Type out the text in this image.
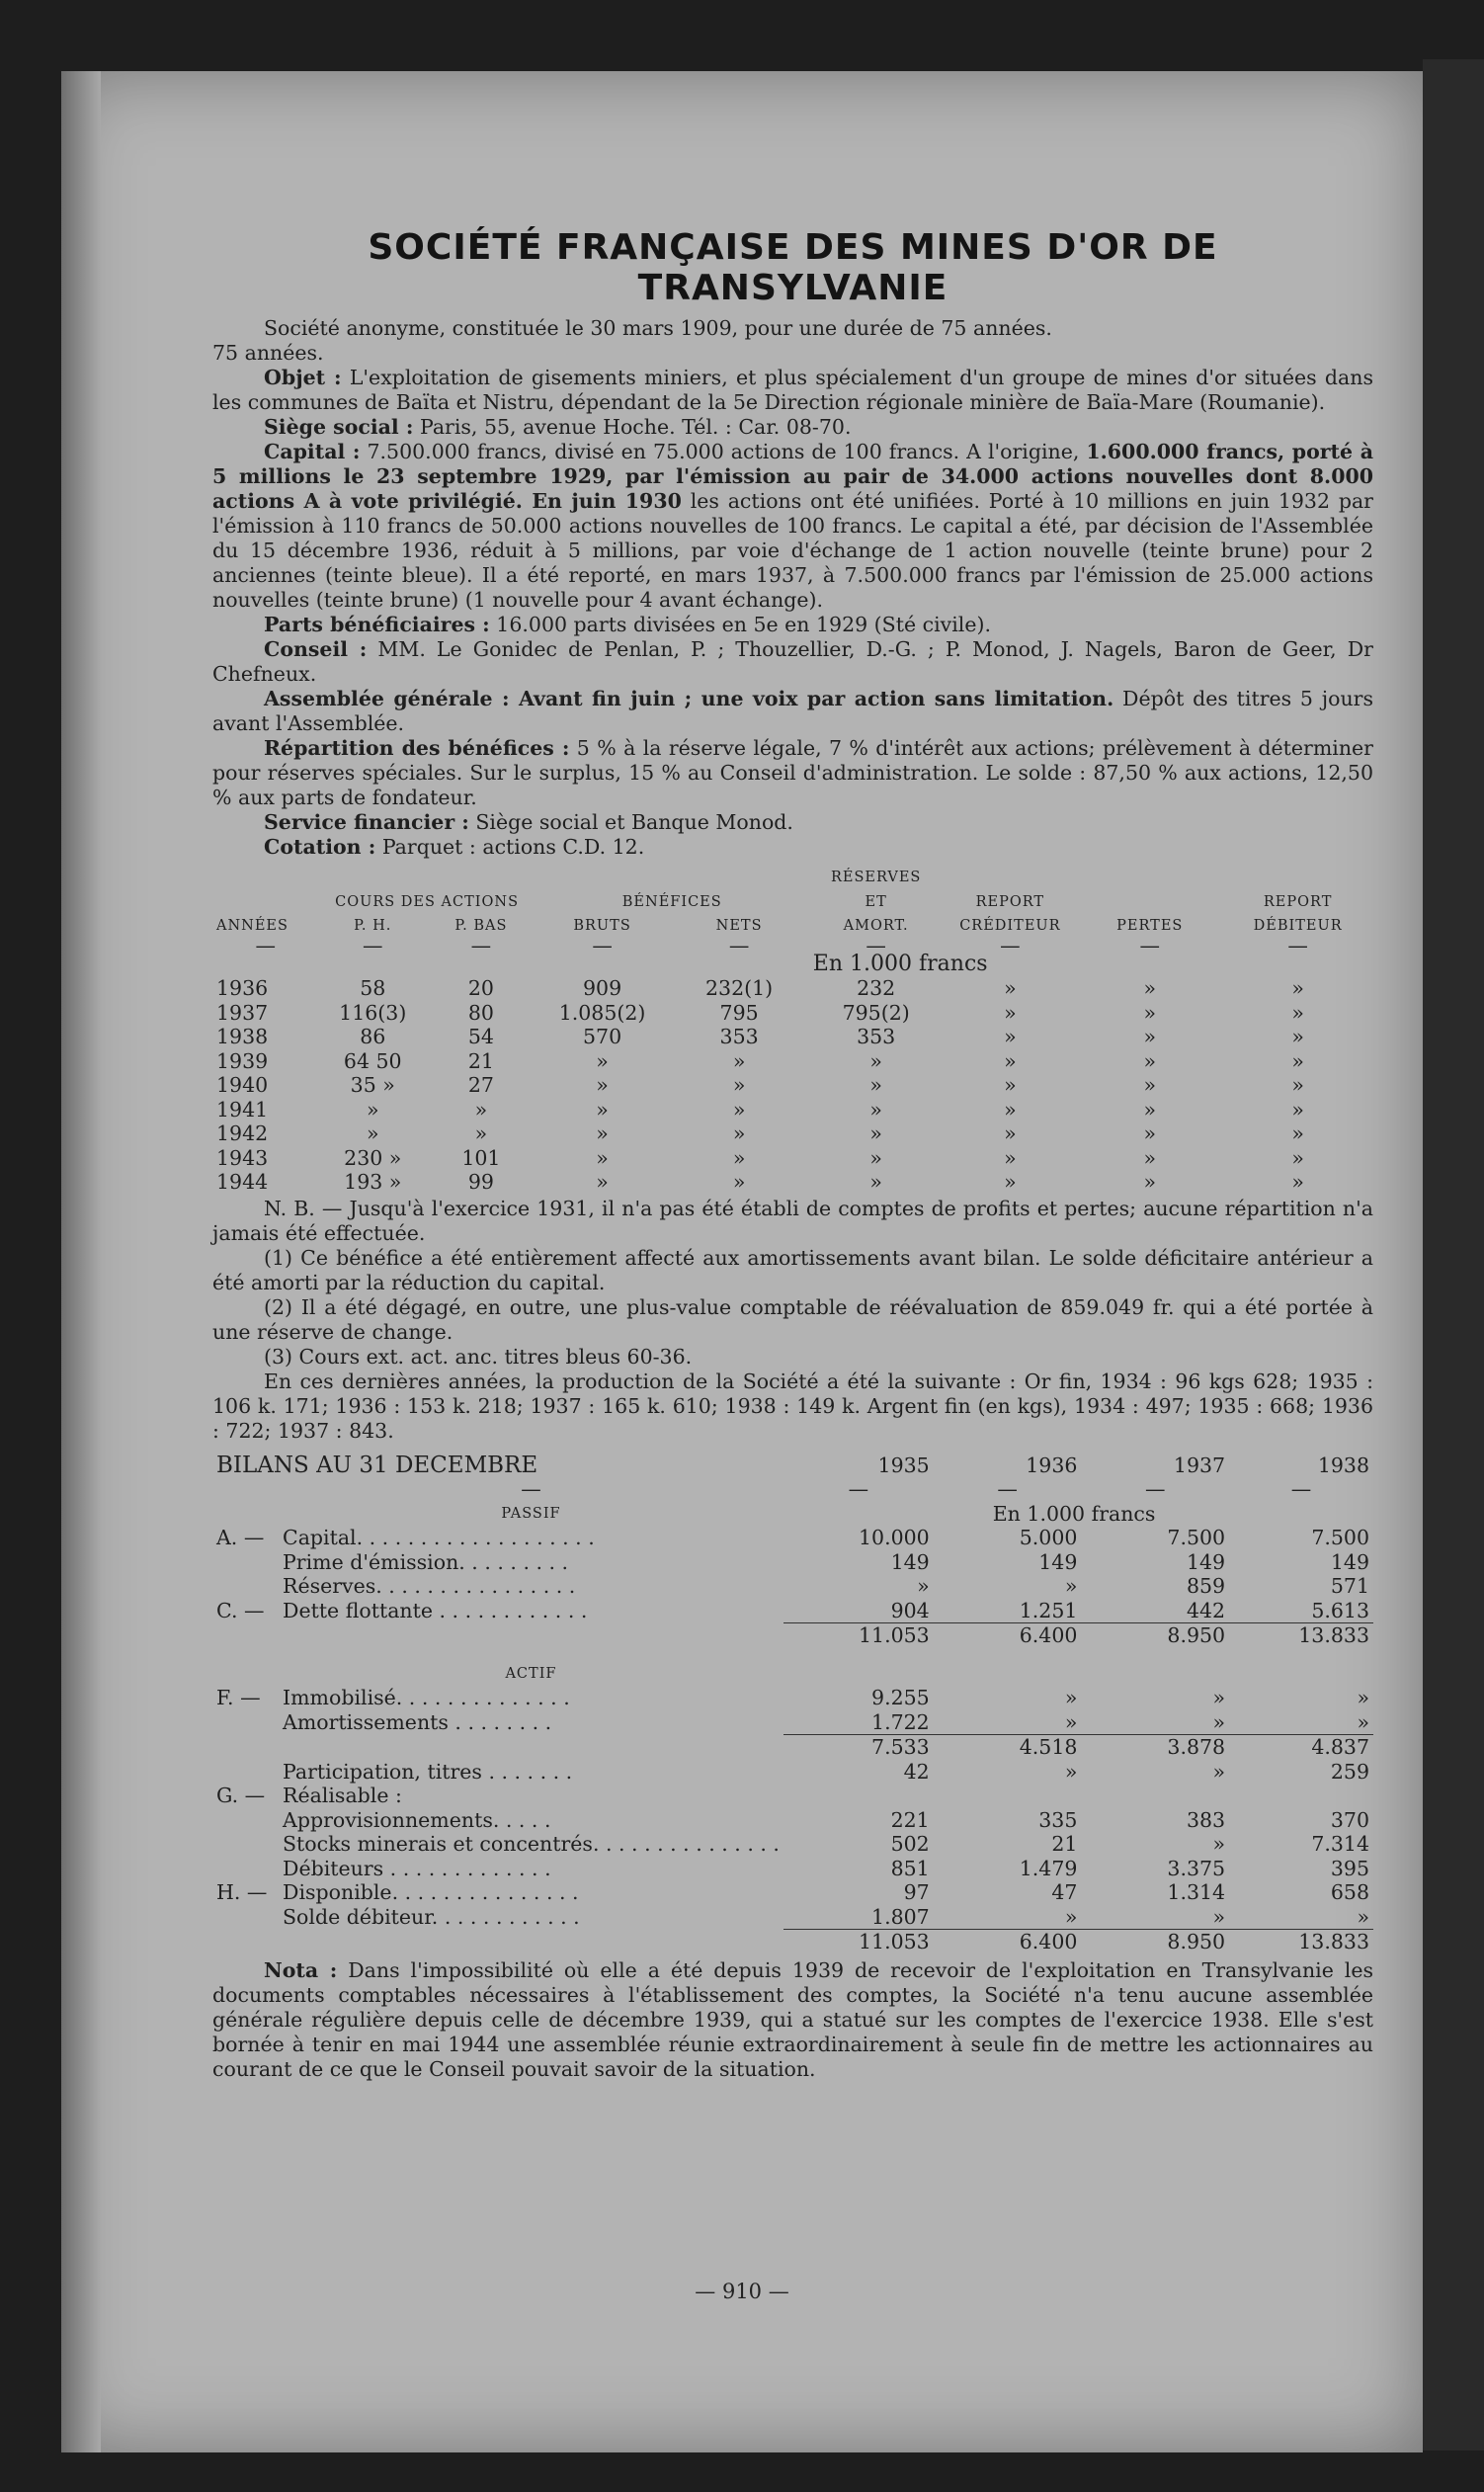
SOCIÉTÉ FRANÇAISE DES MINES D'OR DE TRANSYLVANIE

Société anonyme, constituée le 30 mars 1909, pour une durée de 75 années.

75 années.

Objet : L'exploitation de gisements miniers, et plus spécialement d'un groupe de mines d'or situées dans les communes de Baïta et Nistru, dépendant de la 5e Direction régionale minière de Baïa-Mare (Roumanie).

Siège social : Paris, 55, avenue Hoche. Tél. : Car. 08-70.

Capital : 7.500.000 francs, divisé en 75.000 actions de 100 francs. A l'origine, 1.600.000 francs, porté à 5 millions le 23 septembre 1929, par l'émission au pair de 34.000 actions nouvelles dont 8.000 actions A à vote privilégié. En juin 1930 les actions ont été unifiées. Porté à 10 millions en juin 1932 par l'émission à 110 francs de 50.000 actions nouvelles de 100 francs. Le capital a été, par décision de l'Assemblée du 15 décembre 1936, réduit à 5 millions, par voie d'échange de 1 action nouvelle (teinte brune) pour 2 anciennes (teinte bleue). Il a été reporté, en mars 1937, à 7.500.000 francs par l'émission de 25.000 actions nouvelles (teinte brune) (1 nouvelle pour 4 avant échange).

Parts bénéficiaires : 16.000 parts divisées en 5e en 1929 (Sté civile).

Conseil : MM. Le Gonidec de Penlan, P. ; Thouzellier, D.-G. ; P. Monod, J. Nagels, Baron de Geer, Dr Chefneux.

Assemblée générale : Avant fin juin ; une voix par action sans limitation. Dépôt des titres 5 jours avant l'Assemblée.

Répartition des bénéfices : 5 % à la réserve légale, 7 % d'intérêt aux actions; prélèvement à déterminer pour réserves spéciales. Sur le surplus, 15 % au Conseil d'administration. Le solde : 87,50 % aux actions, 12,50 % aux parts de fondateur.

Service financier : Siège social et Banque Monod.

Cotation : Parquet : actions C.D. 12.

					RÉSERVES			
	COURS DES ACTIONS		BÉNÉFICES		ET	REPORT		REPORT
ANNÉES	P. H.	P. BAS	BRUTS	NETS	AMORT.	CRÉDITEUR	PERTES	DÉBITEUR
—	—	—	—	—	—	—	—	—
					En 1.000 francs			
1936	58	20	909	232(1)	232	»	»	»
1937	116(3)	80	1.085(2)	795	795(2)	»	»	»
1938	86	54	570	353	353	»	»	»
1939	64 50	21	»	»	»	»	»	»
1940	35 »	27	»	»	»	»	»	»
1941	»	»	»	»	»	»	»	»
1942	»	»	»	»	»	»	»	»
1943	230 »	101	»	»	»	»	»	»
1944	193 »	99	»	»	»	»	»	»

N. B. — Jusqu'à l'exercice 1931, il n'a pas été établi de comptes de profits et pertes; aucune répartition n'a jamais été effectuée.

(1) Ce bénéfice a été entièrement affecté aux amortissements avant bilan. Le solde déficitaire antérieur a été amorti par la réduction du capital.

(2) Il a été dégagé, en outre, une plus-value comptable de réévaluation de 859.049 fr. qui a été portée à une réserve de change.

(3) Cours ext. act. anc. titres bleus 60-36.

En ces dernières années, la production de la Société a été la suivante : Or fin, 1934 : 96 kgs 628; 1935 : 106 k. 171; 1936 : 153 k. 218; 1937 : 165 k. 610; 1938 : 149 k. Argent fin (en kgs), 1934 : 497; 1935 : 668; 1936 : 722; 1937 : 843.

BILANS AU 31 DECEMBRE		1935	1936	1937	1938
	—	—	—	—	—
	PASSIF		En 1.000 francs		
A. —	Capital. . . . . . . . . . . . . . . . . . .	10.000	5.000	7.500	7.500
	Prime d'émission. . . . . . . . .	149	149	149	149
	Réserves. . . . . . . . . . . . . . . .	»	»	859	571
C. —	Dette flottante . . . . . . . . . . . .	904	1.251	442	5.613

		11.053	6.400	8.950	13.833

	ACTIF				
F. —	Immobilisé. . . . . . . . . . . . . .	9.255	»	»	»
	Amortissements . . . . . . . .	1.722	»	»	»

		7.533	4.518	3.878	4.837
	Participation, titres . . . . . . .	42	»	»	259
G. —	Réalisable :				
	Approvisionnements. . . . .	221	335	383	370
	Stocks minerais et concentrés. . . . . . . . . . . . . . .	502	21	»	7.314
	Débiteurs . . . . . . . . . . . . .	851	1.479	3.375	395
H. —	Disponible. . . . . . . . . . . . . . .	97	47	1.314	658
	Solde débiteur. . . . . . . . . . . .	1.807	»	»	»

		11.053	6.400	8.950	13.833

Nota : Dans l'impossibilité où elle a été depuis 1939 de recevoir de l'exploitation en Transylvanie les documents comptables nécessaires à l'établissement des comptes, la Société n'a tenu aucune assemblée générale régulière depuis celle de décembre 1939, qui a statué sur les comptes de l'exercice 1938. Elle s'est bornée à tenir en mai 1944 une assemblée réunie extraordinairement à seule fin de mettre les actionnaires au courant de ce que le Conseil pouvait savoir de la situation.

— 910 —
